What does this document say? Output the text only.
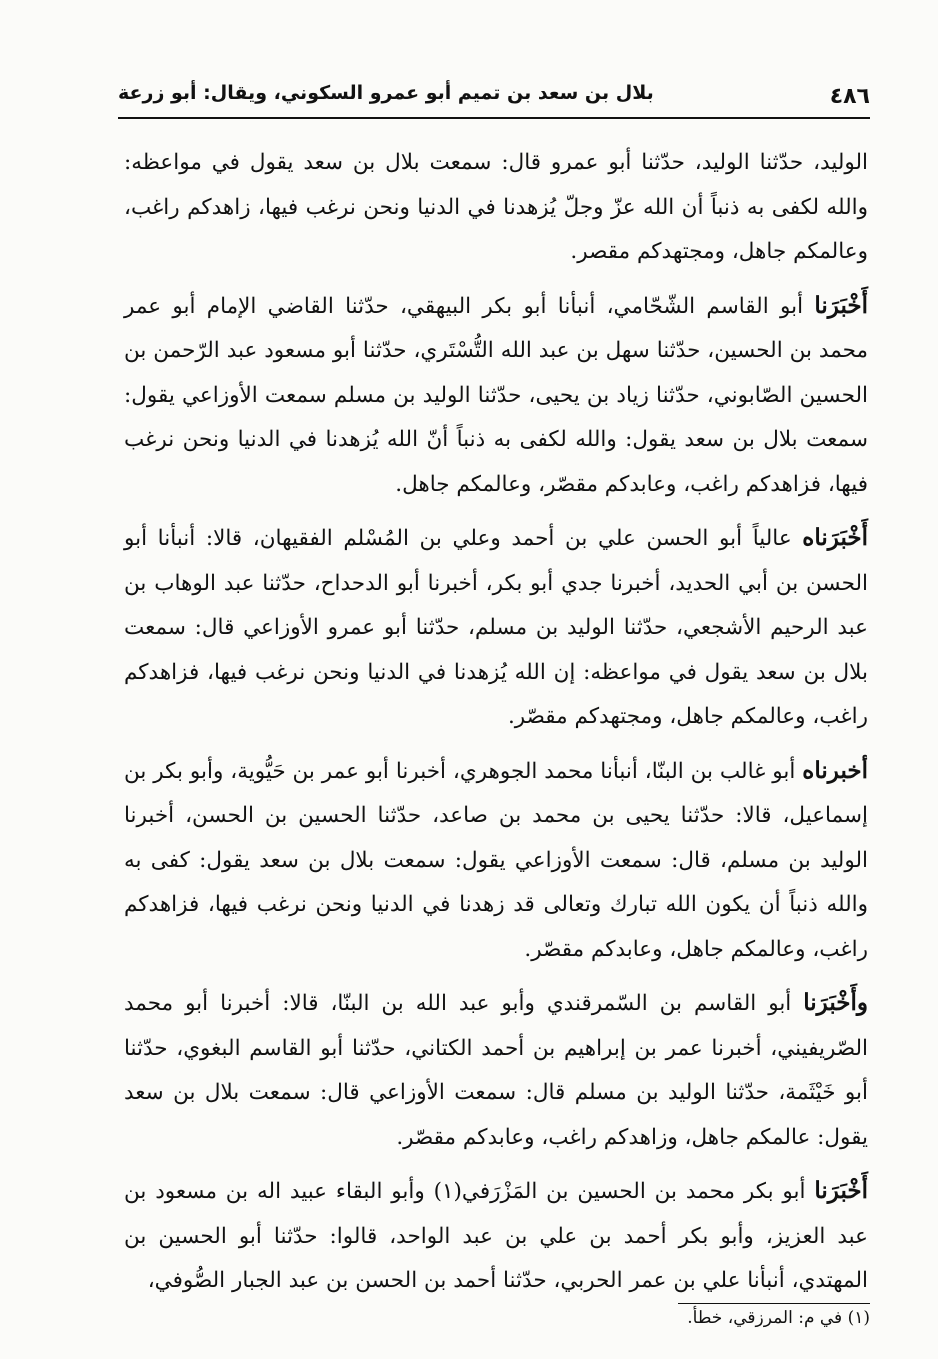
٤٨٦
بلال بن سعد بن تميم أبو عمرو السكوني، ويقال: أبو زرعة

الوليد، حدّثنا الوليد، حدّثنا أبو عمرو قال: سمعت بلال بن سعد يقول في مواعظه: والله لكفى به ذنباً أن الله عزّ وجلّ يُزهدنا في الدنيا ونحن نرغب فيها، زاهدكم راغب، وعالمكم جاهل، ومجتهدكم مقصر.

أَخْبَرَنا أبو القاسم الشّحّامي، أنبأنا أبو بكر البيهقي، حدّثنا القاضي الإمام أبو عمر محمد بن الحسين، حدّثنا سهل بن عبد الله التُّسْتَري، حدّثنا أبو مسعود عبد الرّحمن بن الحسين الصّابوني، حدّثنا زياد بن يحيى، حدّثنا الوليد بن مسلم سمعت الأوزاعي يقول: سمعت بلال بن سعد يقول: والله لكفى به ذنباً أنّ الله يُزهدنا في الدنيا ونحن نرغب فيها، فزاهدكم راغب، وعابدكم مقصّر، وعالمكم جاهل.

أَخْبَرَناه عالياً أبو الحسن علي بن أحمد وعلي بن المُسْلم الفقيهان، قالا: أنبأنا أبو الحسن بن أبي الحديد، أخبرنا جدي أبو بكر، أخبرنا أبو الدحداح، حدّثنا عبد الوهاب بن عبد الرحيم الأشجعي، حدّثنا الوليد بن مسلم، حدّثنا أبو عمرو الأوزاعي قال: سمعت بلال بن سعد يقول في مواعظه: إن الله يُزهدنا في الدنيا ونحن نرغب فيها، فزاهدكم راغب، وعالمكم جاهل، ومجتهدكم مقصّر.

أخبرناه أبو غالب بن البنّا، أنبأنا محمد الجوهري، أخبرنا أبو عمر بن حَيُّوية، وأبو بكر بن إسماعيل، قالا: حدّثنا يحيى بن محمد بن صاعد، حدّثنا الحسين بن الحسن، أخبرنا الوليد بن مسلم، قال: سمعت الأوزاعي يقول: سمعت بلال بن سعد يقول: كفى به والله ذنباً أن يكون الله تبارك وتعالى قد زهدنا في الدنيا ونحن نرغب فيها، فزاهدكم راغب، وعالمكم جاهل، وعابدكم مقصّر.

وأَخْبَرَنا أبو القاسم بن السّمرقندي وأبو عبد الله بن البنّا، قالا: أخبرنا أبو محمد الصّريفيني، أخبرنا عمر بن إبراهيم بن أحمد الكتاني، حدّثنا أبو القاسم البغوي، حدّثنا أبو خَيْثَمة، حدّثنا الوليد بن مسلم قال: سمعت الأوزاعي قال: سمعت بلال بن سعد يقول: عالمكم جاهل، وزاهدكم راغب، وعابدكم مقصّر.

أَخْبَرَنا أبو بكر محمد بن الحسين بن المَزْرَفي(١) وأبو البقاء عبيد اله بن مسعود بن عبد العزيز، وأبو بكر أحمد بن علي بن عبد الواحد، قالوا: حدّثنا أبو الحسين بن المهتدي، أنبأنا علي بن عمر الحربي، حدّثنا أحمد بن الحسن بن عبد الجبار الصُّوفي،

(١) في م: المرزقي، خطأ.
